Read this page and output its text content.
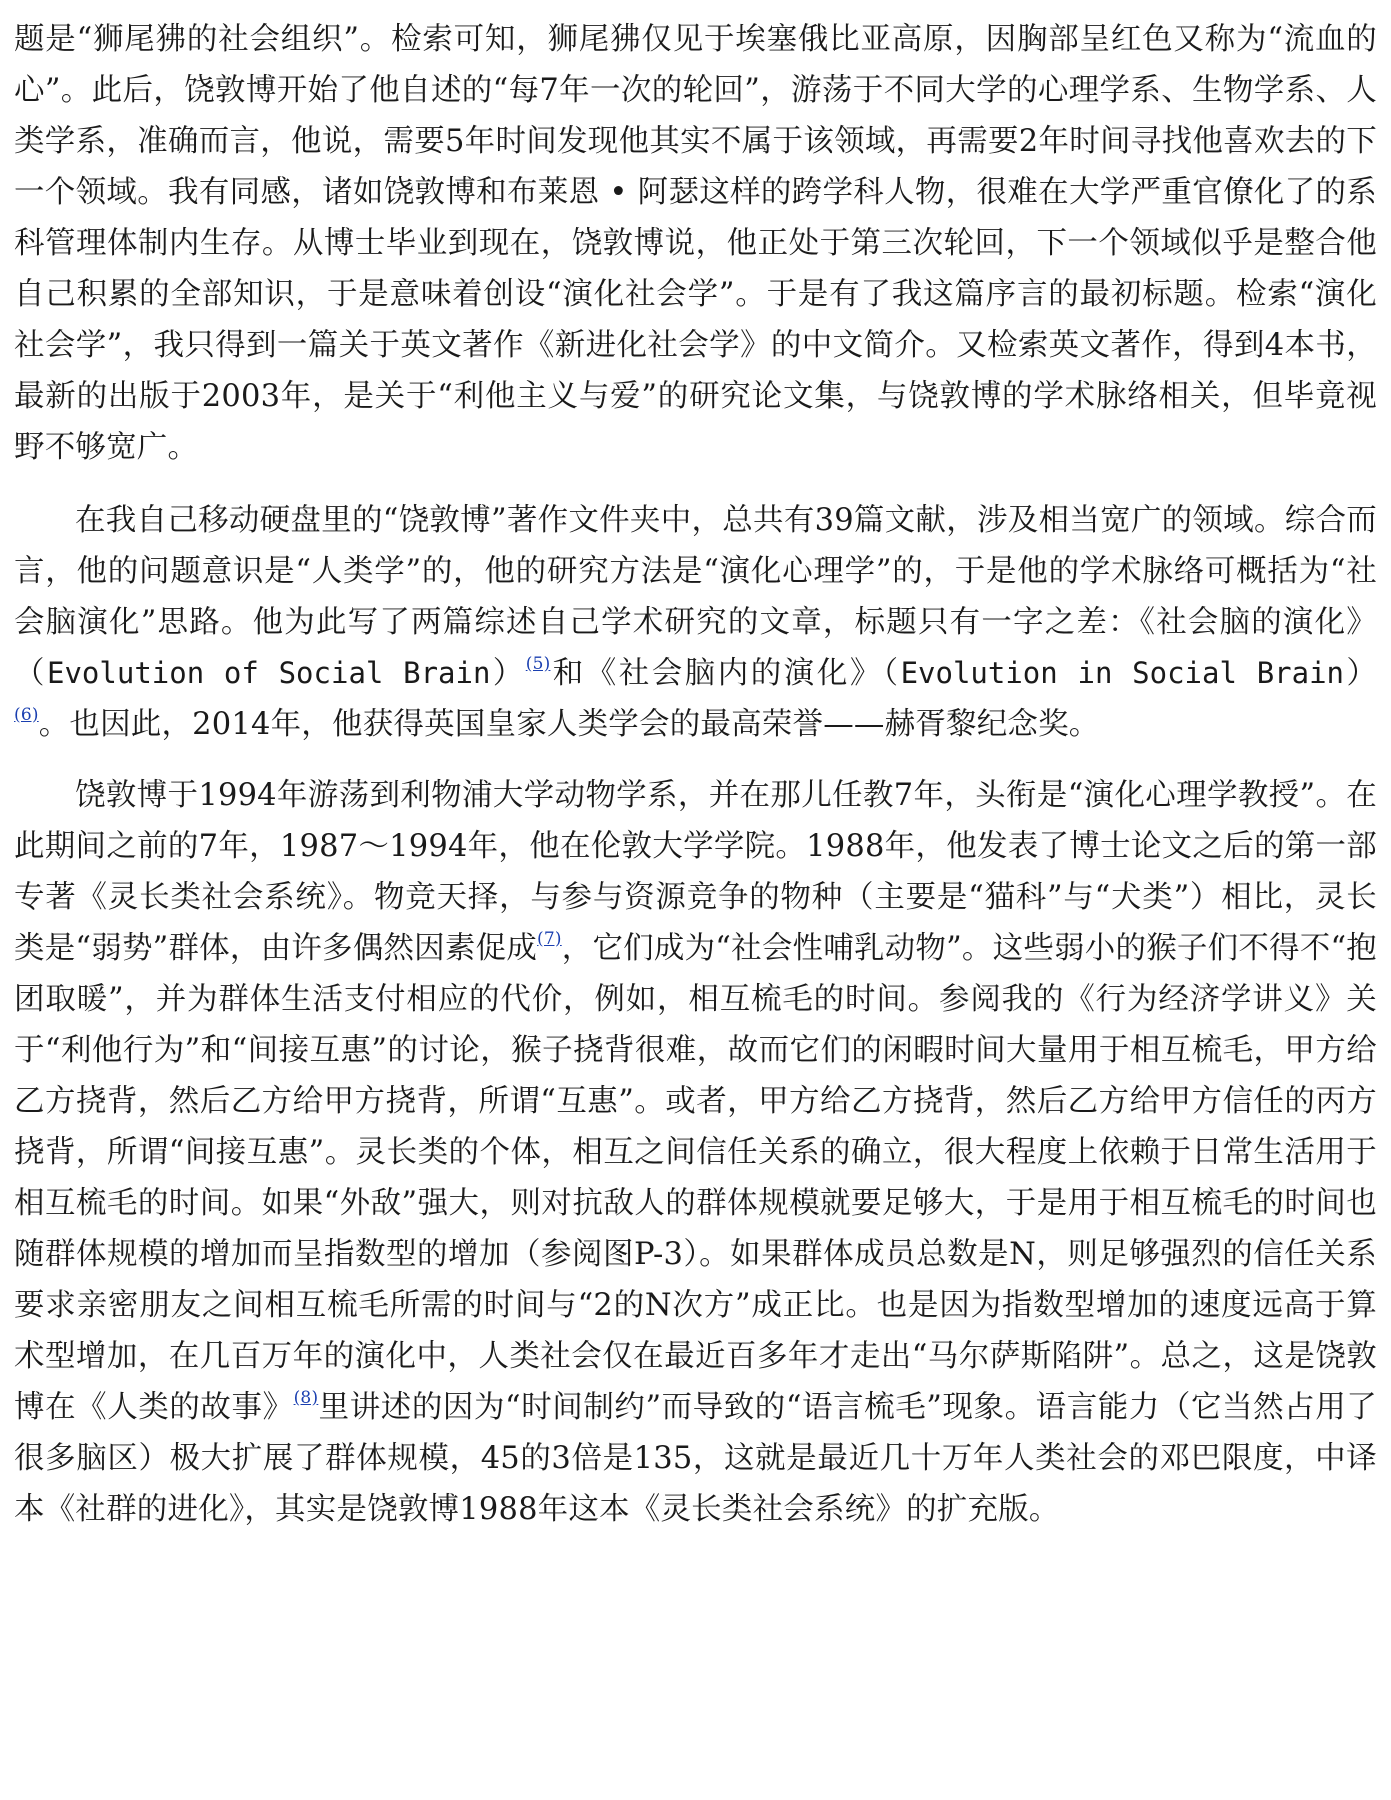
题是“狮尾狒的社会组织”。检索可知，狮尾狒仅见于埃塞俄比亚高原，因胸部呈红色又称为“流血的心”。此后，饶敦博开始了他自述的“每7年一次的轮回”，游荡于不同大学的心理学系、生物学系、人类学系，准确而言，他说，需要5年时间发现他其实不属于该领域，再需要2年时间寻找他喜欢去的下一个领域。我有同感，诸如饶敦博和布莱恩 • 阿瑟这样的跨学科人物，很难在大学严重官僚化了的系科管理体制内生存。从博士毕业到现在，饶敦博说，他正处于第三次轮回，下一个领域似乎是整合他自己积累的全部知识，于是意味着创设“演化社会学”。于是有了我这篇序言的最初标题。检索“演化社会学”，我只得到一篇关于英文著作《新进化社会学》的中文简介。又检索英文著作，得到4本书，最新的出版于2003年，是关于“利他主义与爱”的研究论文集，与饶敦博的学术脉络相关，但毕竟视野不够宽广。

在我自己移动硬盘里的“饶敦博”著作文件夹中，总共有39篇文献，涉及相当宽广的领域。综合而言，他的问题意识是“人类学”的，他的研究方法是“演化心理学”的，于是他的学术脉络可概括为“社会脑演化”思路。他为此写了两篇综述自己学术研究的文章，标题只有一字之差：《社会脑的演化》（Evolution of Social Brain）$^{(5)}$和《社会脑内的演化》（Evolution in Social Brain）$^{(6)}$。也因此，2014年，他获得英国皇家人类学会的最高荣誉——赫胥黎纪念奖。

饶敦博于1994年游荡到利物浦大学动物学系，并在那儿任教7年，头衔是“演化心理学教授”。在此期间之前的7年，1987～1994年，他在伦敦大学学院。1988年，他发表了博士论文之后的第一部专著《灵长类社会系统》。物竞天择，与参与资源竞争的物种（主要是“猫科”与“犬类”）相比，灵长类是“弱势”群体，由许多偶然因素促成$^{(7)}$，它们成为“社会性哺乳动物”。这些弱小的猴子们不得不“抱团取暖”，并为群体生活支付相应的代价，例如，相互梳毛的时间。参阅我的《行为经济学讲义》关于“利他行为”和“间接互惠”的讨论，猴子挠背很难，故而它们的闲暇时间大量用于相互梳毛，甲方给乙方挠背，然后乙方给甲方挠背，所谓“互惠”。或者，甲方给乙方挠背，然后乙方给甲方信任的丙方挠背，所谓“间接互惠”。灵长类的个体，相互之间信任关系的确立，很大程度上依赖于日常生活用于相互梳毛的时间。如果“外敌”强大，则对抗敌人的群体规模就要足够大，于是用于相互梳毛的时间也随群体规模的增加而呈指数型的增加（参阅图P-3）。如果群体成员总数是N，则足够强烈的信任关系要求亲密朋友之间相互梳毛所需的时间与“2的N次方”成正比。也是因为指数型增加的速度远高于算术型增加，在几百万年的演化中，人类社会仅在最近百多年才走出“马尔萨斯陷阱”。总之，这是饶敦博在《人类的故事》$^{(8)}$里讲述的因为“时间制约”而导致的“语言梳毛”现象。语言能力（它当然占用了很多脑区）极大扩展了群体规模，45的3倍是135，这就是最近几十万年人类社会的邓巴限度，中译本《社群的进化》，其实是饶敦博1988年这本《灵长类社会系统》的扩充版。
